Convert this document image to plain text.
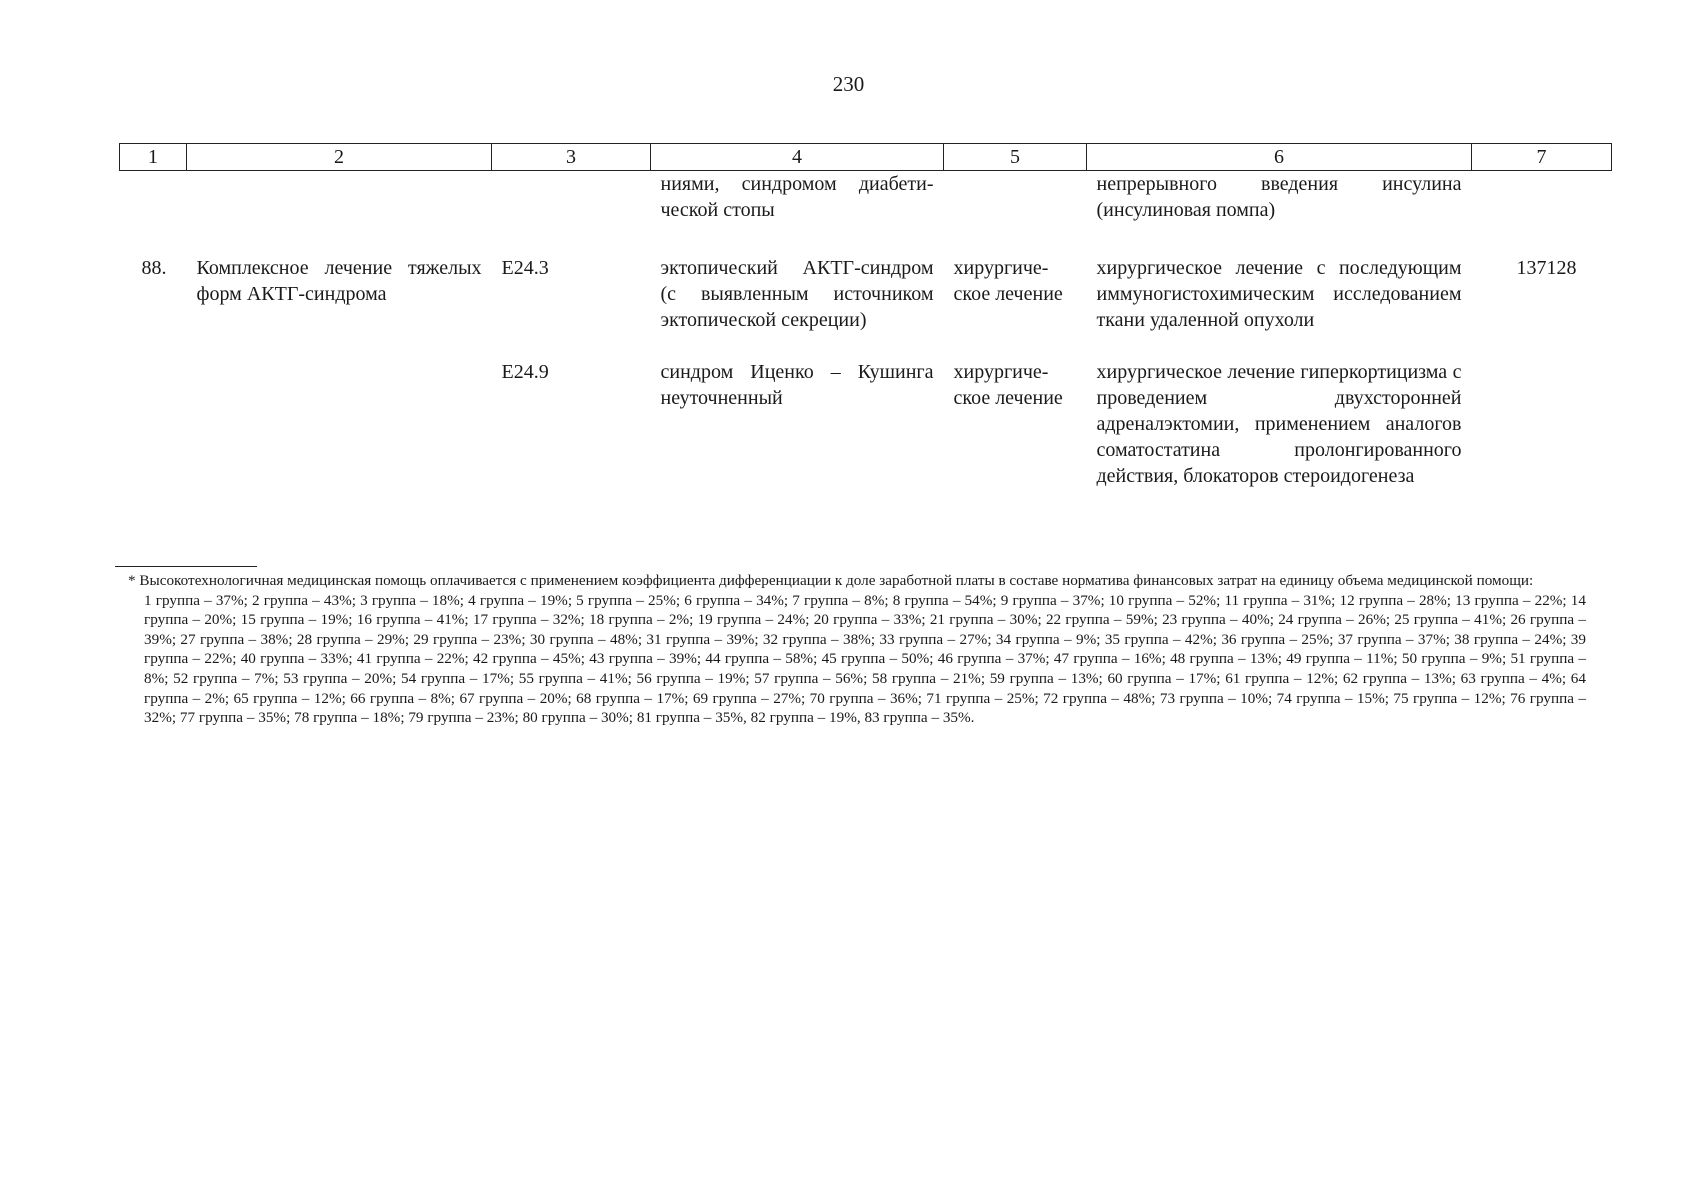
230
1	2	3	4	5	6	7
			ниями, синдромом диабетической стопы		непрерывного введения инсулина (инсулиновая помпа)	

88.	Комплексное лечение тяжелых форм АКТГ-синдрома	E24.3	эктопический АКТГ-синдром (с выявленным источником эктопической секреции)	хирургическое лечение	хирургическое лечение с последующим иммуногистохимическим исследованием ткани удаленной опухоли	137128

		E24.9	синдром Иценко – Кушинга неуточненный	хирургическое лечение	хирургическое лечение гиперкортицизма с проведением двухсторонней адреналэктомии, применением аналогов соматостатина пролонгированного действия, блокаторов стероидогенеза	

* Высокотехнологичная медицинская помощь оплачивается с применением коэффициента дифференциации к доле заработной платы в составе норматива финансовых затрат на единицу объема медицинской помощи:

1 группа – 37%; 2 группа – 43%; 3 группа – 18%; 4 группа – 19%; 5 группа – 25%; 6 группа – 34%; 7 группа – 8%; 8 группа – 54%; 9 группа – 37%; 10 группа – 52%; 11 группа – 31%; 12 группа – 28%; 13 группа – 22%; 14 группа – 20%; 15 группа – 19%; 16 группа – 41%; 17 группа – 32%; 18 группа – 2%; 19 группа – 24%; 20 группа – 33%; 21 группа – 30%; 22 группа – 59%; 23 группа – 40%; 24 группа – 26%; 25 группа – 41%; 26 группа – 39%; 27 группа – 38%; 28 группа – 29%; 29 группа – 23%; 30 группа – 48%; 31 группа – 39%; 32 группа – 38%; 33 группа – 27%; 34 группа – 9%; 35 группа – 42%; 36 группа – 25%; 37 группа – 37%; 38 группа – 24%; 39 группа – 22%; 40 группа – 33%; 41 группа – 22%; 42 группа – 45%; 43 группа – 39%; 44 группа – 58%; 45 группа – 50%; 46 группа – 37%; 47 группа – 16%; 48 группа – 13%; 49 группа – 11%; 50 группа – 9%; 51 группа – 8%; 52 группа – 7%; 53 группа – 20%; 54 группа – 17%; 55 группа – 41%; 56 группа – 19%; 57 группа – 56%; 58 группа – 21%; 59 группа – 13%; 60 группа – 17%; 61 группа – 12%; 62 группа – 13%; 63 группа – 4%; 64 группа – 2%; 65 группа – 12%; 66 группа – 8%; 67 группа – 20%; 68 группа – 17%; 69 группа – 27%; 70 группа – 36%; 71 группа – 25%; 72 группа – 48%; 73 группа – 10%; 74 группа – 15%; 75 группа – 12%; 76 группа – 32%; 77 группа – 35%; 78 группа – 18%; 79 группа – 23%; 80 группа – 30%; 81 группа – 35%, 82 группа – 19%, 83 группа – 35%.
